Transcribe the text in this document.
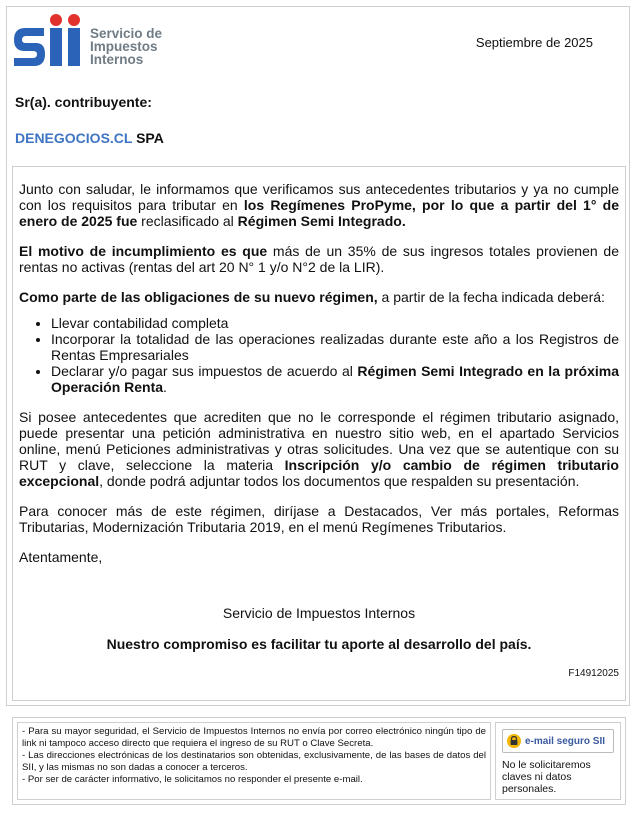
Servicio de
Impuestos
Internos
Septiembre de 2025
Sr(a). contribuyente:
DENEGOCIOS.CL SPA

Junto con saludar, le informamos que verificamos sus antecedentes tributarios y ya no cumple con los requisitos para tributar en los Regímenes ProPyme, por lo que a partir del 1° de enero de 2025 fue reclasificado al Régimen Semi Integrado.

El motivo de incumplimiento es que más de un 35% de sus ingresos totales provienen de rentas no activas (rentas del art 20 N° 1 y/o N°2 de la LIR).

Como parte de las obligaciones de su nuevo régimen, a partir de la fecha indicada deberá:

• Llevar contabilidad completa
• Incorporar la totalidad de las operaciones realizadas durante este año a los Registros de Rentas Empresariales
• Declarar y/o pagar sus impuestos de acuerdo al Régimen Semi Integrado en la próxima Operación Renta.

Si posee antecedentes que acrediten que no le corresponde el régimen tributario asignado, puede presentar una petición administrativa en nuestro sitio web, en el apartado Servicios online, menú Peticiones administrativas y otras solicitudes. Una vez que se autentique con su RUT y clave, seleccione la materia Inscripción y/o cambio de régimen tributario excepcional, donde podrá adjuntar todos los documentos que respalden su presentación.

Para conocer más de este régimen, diríjase a Destacados, Ver más portales, Reformas Tributarias, Modernización Tributaria 2019, en el menú Regímenes Tributarios.

Atentamente,

Servicio de Impuestos Internos

Nuestro compromiso es facilitar tu aporte al desarrollo del país.

F14912025

- Para su mayor seguridad, el Servicio de Impuestos Internos no envía por correo electrónico ningún tipo de link ni tampoco acceso directo que requiera el ingreso de su RUT o Clave Secreta.
- Las direcciones electrónicas de los destinatarios son obtenidas, exclusivamente, de las bases de datos del SII, y las mismas no son dadas a conocer a terceros.
- Por ser de carácter informativo, le solicitamos no responder el presente e-mail.
e-mail seguro SII
No le solicitaremos claves ni datos personales.
